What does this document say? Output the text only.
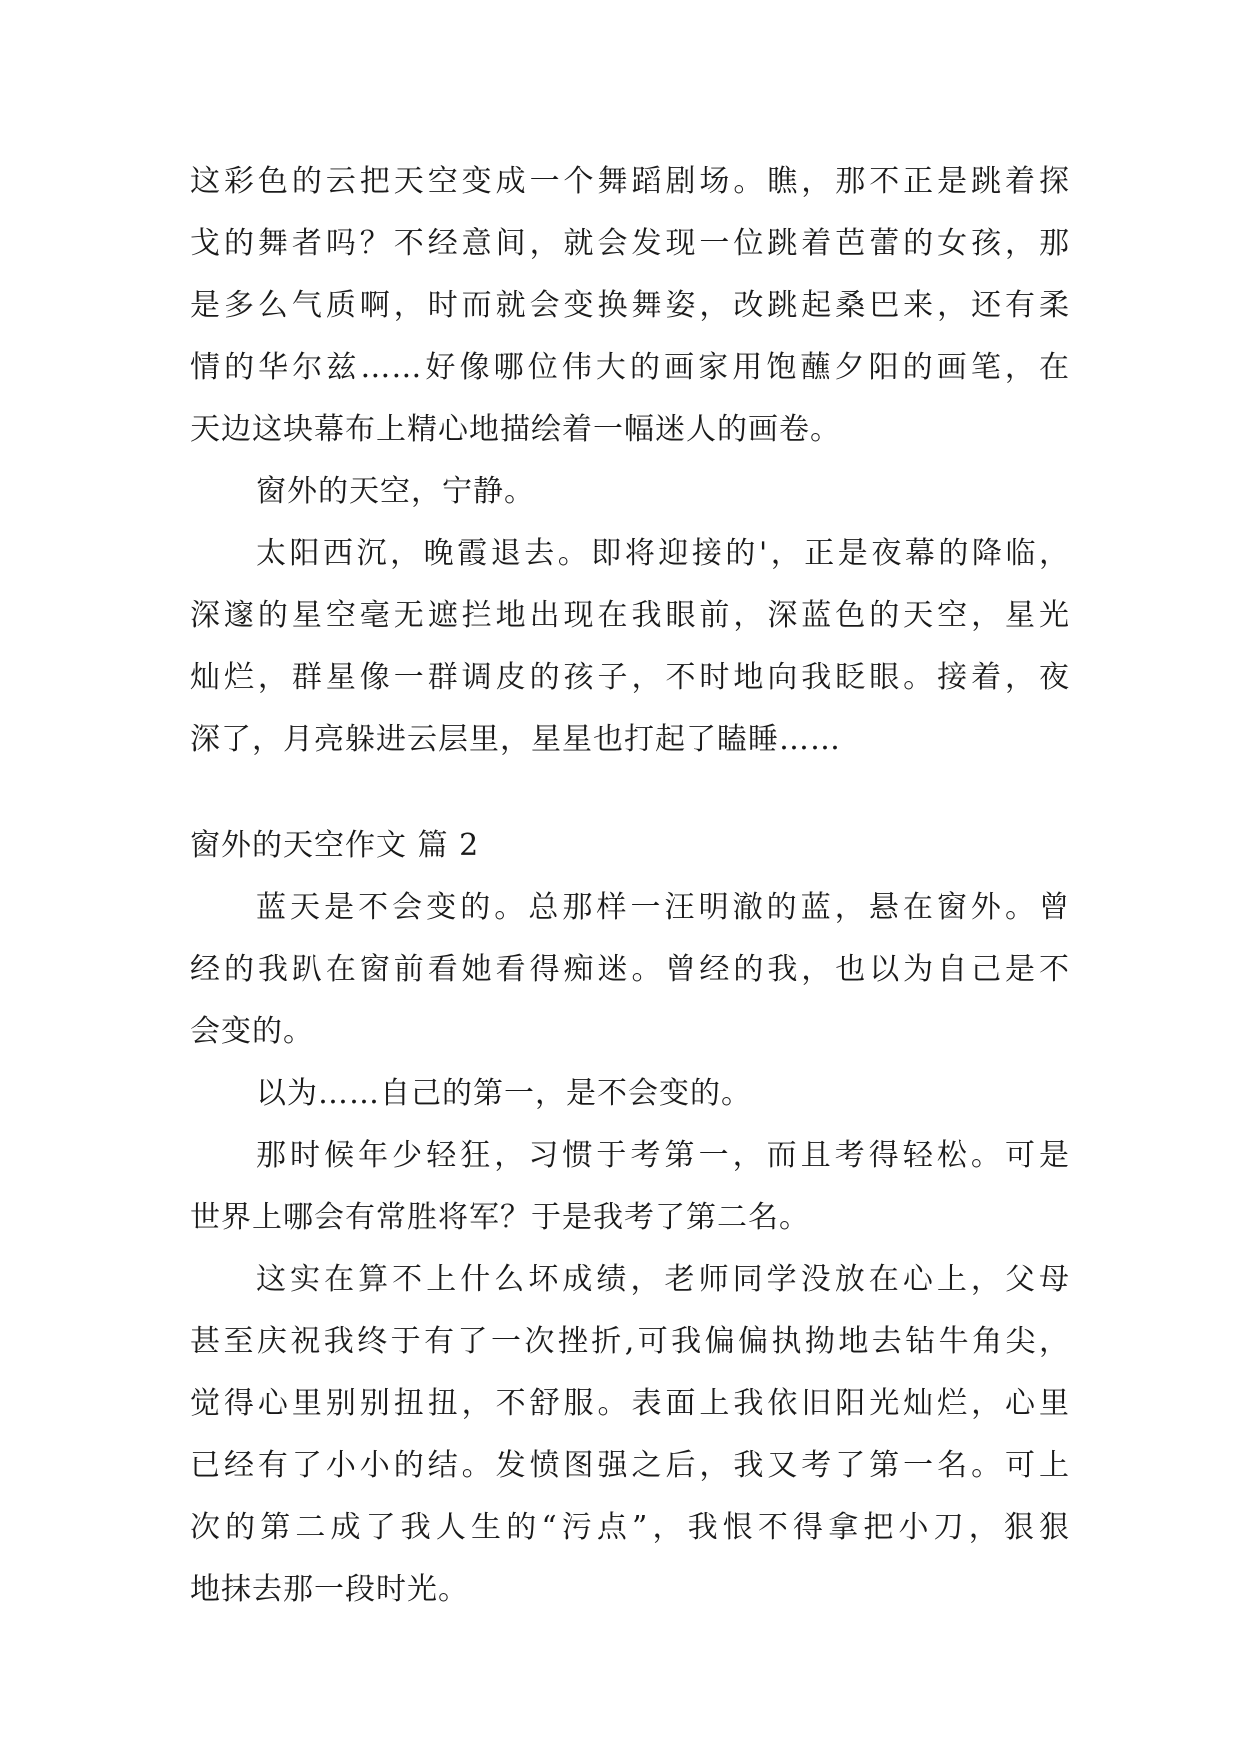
这彩色的云把天空变成一个舞蹈剧场。瞧，那不正是跳着探
戈的舞者吗？不经意间，就会发现一位跳着芭蕾的女孩，那
是多么气质啊，时而就会变换舞姿，改跳起桑巴来，还有柔
情的华尔兹……好像哪位伟大的画家用饱蘸夕阳的画笔，在
天边这块幕布上精心地描绘着一幅迷人的画卷。
窗外的天空，宁静。
太阳西沉，晚霞退去。即将迎接的'，正是夜幕的降临，
深邃的星空毫无遮拦地出现在我眼前，深蓝色的天空，星光
灿烂，群星像一群调皮的孩子，不时地向我眨眼。接着，夜
深了，月亮躲进云层里，星星也打起了瞌睡……
窗外的天空作文 篇 2
蓝天是不会变的。总那样一汪明澈的蓝，悬在窗外。曾
经的我趴在窗前看她看得痴迷。曾经的我，也以为自己是不
会变的。
以为……自己的第一，是不会变的。
那时候年少轻狂，习惯于考第一，而且考得轻松。可是
世界上哪会有常胜将军？于是我考了第二名。
这实在算不上什么坏成绩，老师同学没放在心上，父母
甚至庆祝我终于有了一次挫折,可我偏偏执拗地去钻牛角尖，
觉得心里别别扭扭，不舒服。表面上我依旧阳光灿烂，心里
已经有了小小的结。发愤图强之后，我又考了第一名。可上
次的第二成了我人生的“污点”，我恨不得拿把小刀，狠狠
地抹去那一段时光。
